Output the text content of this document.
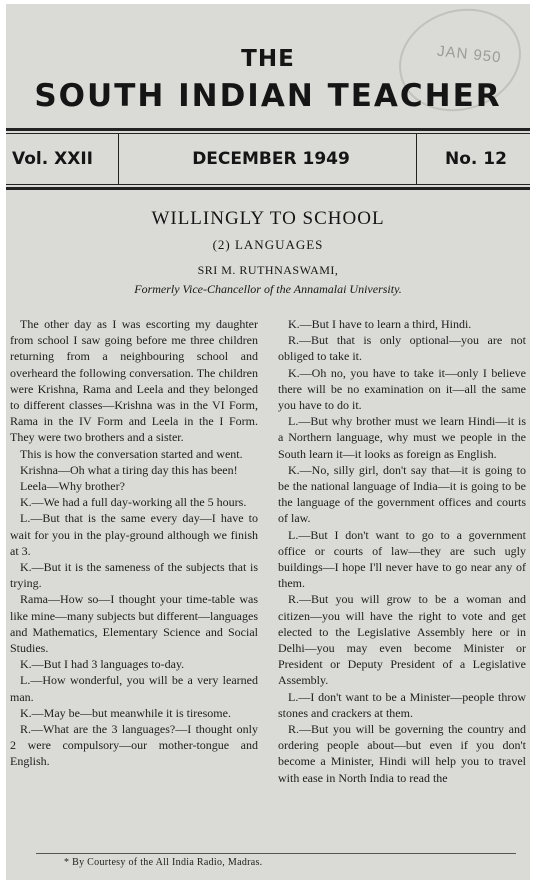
JAN 950
THE
SOUTH INDIAN TEACHER
Vol. XXII	DECEMBER 1949	No. 12
WILLINGLY TO SCHOOL
(2) LANGUAGES
SRI M. RUTHNASWAMI,
Formerly Vice-Chancellor of the Annamalai University.

The other day as I was escorting my daughter from school I saw going before me three children returning from a neighbouring school and overheard the following conversation. The children were Krishna, Rama and Leela and they belonged to different classes—Krishna was in the VI Form, Rama in the IV Form and Leela in the I Form. They were two brothers and a sister.

This is how the conversation started and went.

Krishna—Oh what a tiring day this has been!

Leela—Why brother?

K.—We had a full day-working all the 5 hours.

L.—But that is the same every day—I have to wait for you in the play-ground although we finish at 3.

K.—But it is the sameness of the subjects that is trying.

Rama—How so—I thought your time-table was like mine—many subjects but different—languages and Mathematics, Elementary Science and Social Studies.

K.—But I had 3 languages to-day.

L.—How wonderful, you will be a very learned man.

K.—May be—but meanwhile it is tiresome.

R.—What are the 3 languages?—I thought only 2 were compulsory—our mother-tongue and English.

K.—But I have to learn a third, Hindi.

R.—But that is only optional—you are not obliged to take it.

K.—Oh no, you have to take it—only I believe there will be no examination on it—all the same you have to do it.

L.—But why brother must we learn Hindi—it is a Northern language, why must we people in the South learn it—it looks as foreign as English.

K.—No, silly girl, don't say that—it is going to be the national language of India—it is going to be the language of the government offices and courts of law.

L.—But I don't want to go to a government office or courts of law—they are such ugly buildings—I hope I'll never have to go near any of them.

R.—But you will grow to be a woman and citizen—you will have the right to vote and get elected to the Legislative Assembly here or in Delhi—you may even become Minister or President or Deputy President of a Legislative Assembly.

L.—I don't want to be a Minister—people throw stones and crackers at them.

R.—But you will be governing the country and ordering people about—but even if you don't become a Minister, Hindi will help you to travel with ease in North India to read the

* By Courtesy of the All India Radio, Madras.
